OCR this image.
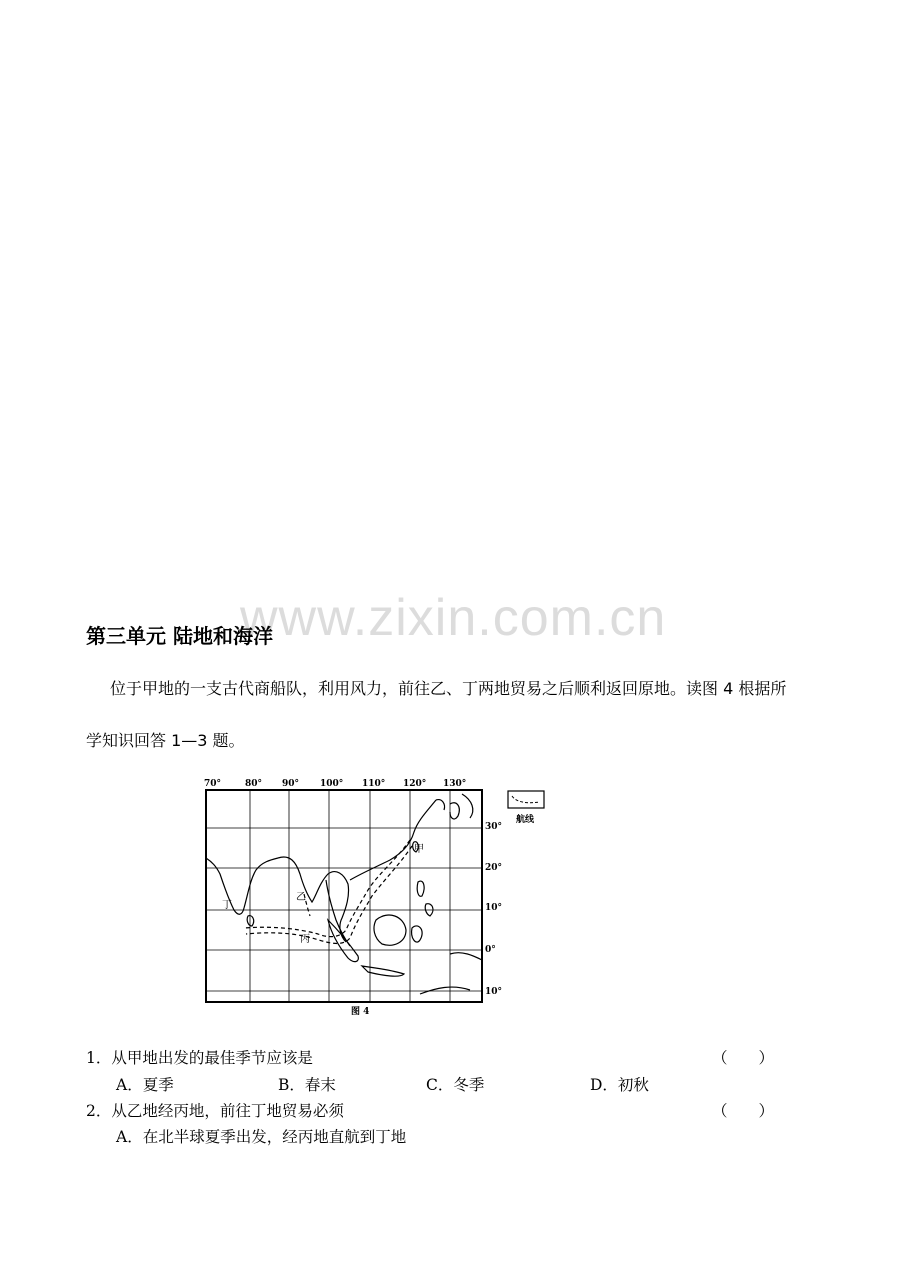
www.zixin.com.cn
第三单元 陆地和海洋
位于甲地的一支古代商船队，利用风力，前往乙、丁两地贸易之后顺利返回原地。读图 4 根据所
学知识回答 1—3 题。
70°	80° 90° 100° 110° 120° 130°
30°
20°
10°
0°
10°
甲
乙
丙
丁
航线
图 4
1．从甲地出发的最佳季节应该是	（　　）
A．夏季	B．春末	C．冬季	D．初秋
2．从乙地经丙地，前往丁地贸易必须	（　　）
A．在北半球夏季出发，经丙地直航到丁地
